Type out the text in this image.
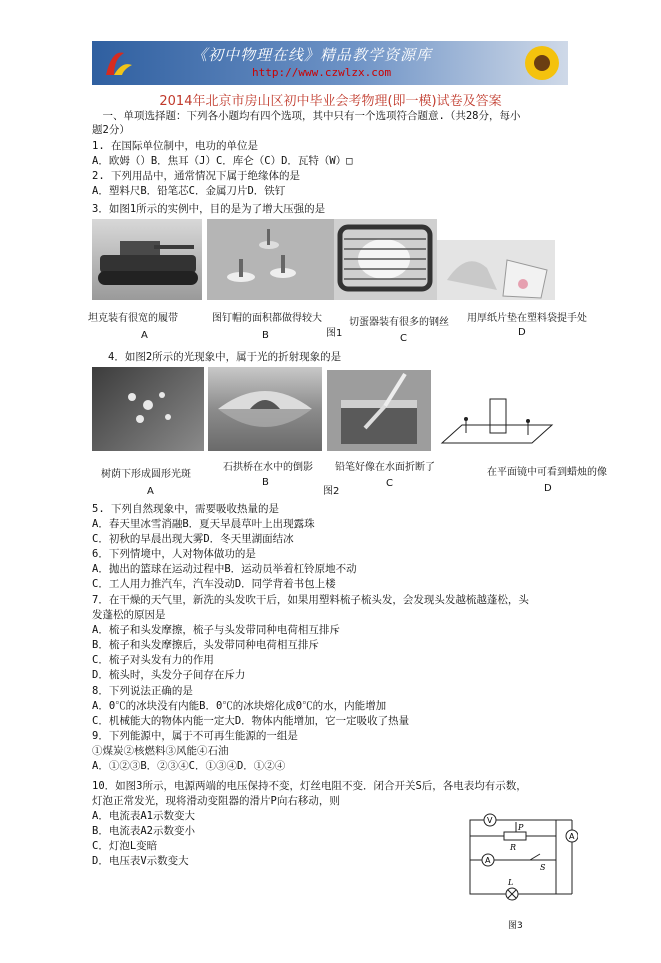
《初中物理在线》精品教学资源库
http://www.czwlzx.com
2014年北京市房山区初中毕业会考物理(即一模)试卷及答案
　一、单项选择题：下列各小题均有四个选项，其中只有一个选项符合题意.（共28分，每小
题2分）
1. 在国际单位制中，电功的单位是
A．欧姆（）B．焦耳（J）C．库仑（C）D．瓦特（W）□
2. 下列用品中，通常情况下属于绝缘体的是
A．塑料尺B．铅笔芯C．金属刀片D．铁钉
3．如图1所示的实例中，目的是为了增大压强的是
坦克装有很宽的履带	图钉帽的面积都做得较大
图1
切蛋器装有很多的钢丝 用厚纸片垫在塑料袋提手处
A	B	C
D
4．如图2所示的光现象中，属于光的折射现象的是
树荫下形成圆形光斑
石拱桥在水中的倒影 铅笔好像在水面折断了	在平面镜中可看到蜡烛的像
图2
A
B	C	D
5. 下列自然现象中，需要吸收热量的是
A．春天里冰雪消融B．夏天早晨草叶上出现露珠
C．初秋的早晨出现大雾D．冬天里湖面结冰
6．下列情境中，人对物体做功的是
A．抛出的篮球在运动过程中B．运动员举着杠铃原地不动
C．工人用力推汽车，汽车没动D．同学背着书包上楼
7．在干燥的天气里，新洗的头发吹干后，如果用塑料梳子梳头发，会发现头发越梳越蓬松，头
发蓬松的原因是
A．梳子和头发摩擦，梳子与头发带同种电荷相互排斥
B．梳子和头发摩擦后，头发带同种电荷相互排斥
C．梳子对头发有力的作用
D．梳头时，头发分子间存在斥力
8．下列说法正确的是
A．0℃的冰块没有内能B．0℃的冰块熔化成0℃的水，内能增加
C．机械能大的物体内能一定大D．物体内能增加，它一定吸收了热量
9．下列能源中，属于不可再生能源的一组是
①煤炭②核燃料③风能④石油
A．①②③B．②③④C．①③④D．①②④
10．如图3所示，电源两端的电压保持不变，灯丝电阻不变．闭合开关S后，各电表均有示数，
灯泡正常发光，现将滑动变阻器的滑片P向右移动，则
A．电流表A1示数变大
B．电流表A2示数变小
C．灯泡L变暗
D．电压表V示数变大
V
A
A
P
R
S
L
图3
